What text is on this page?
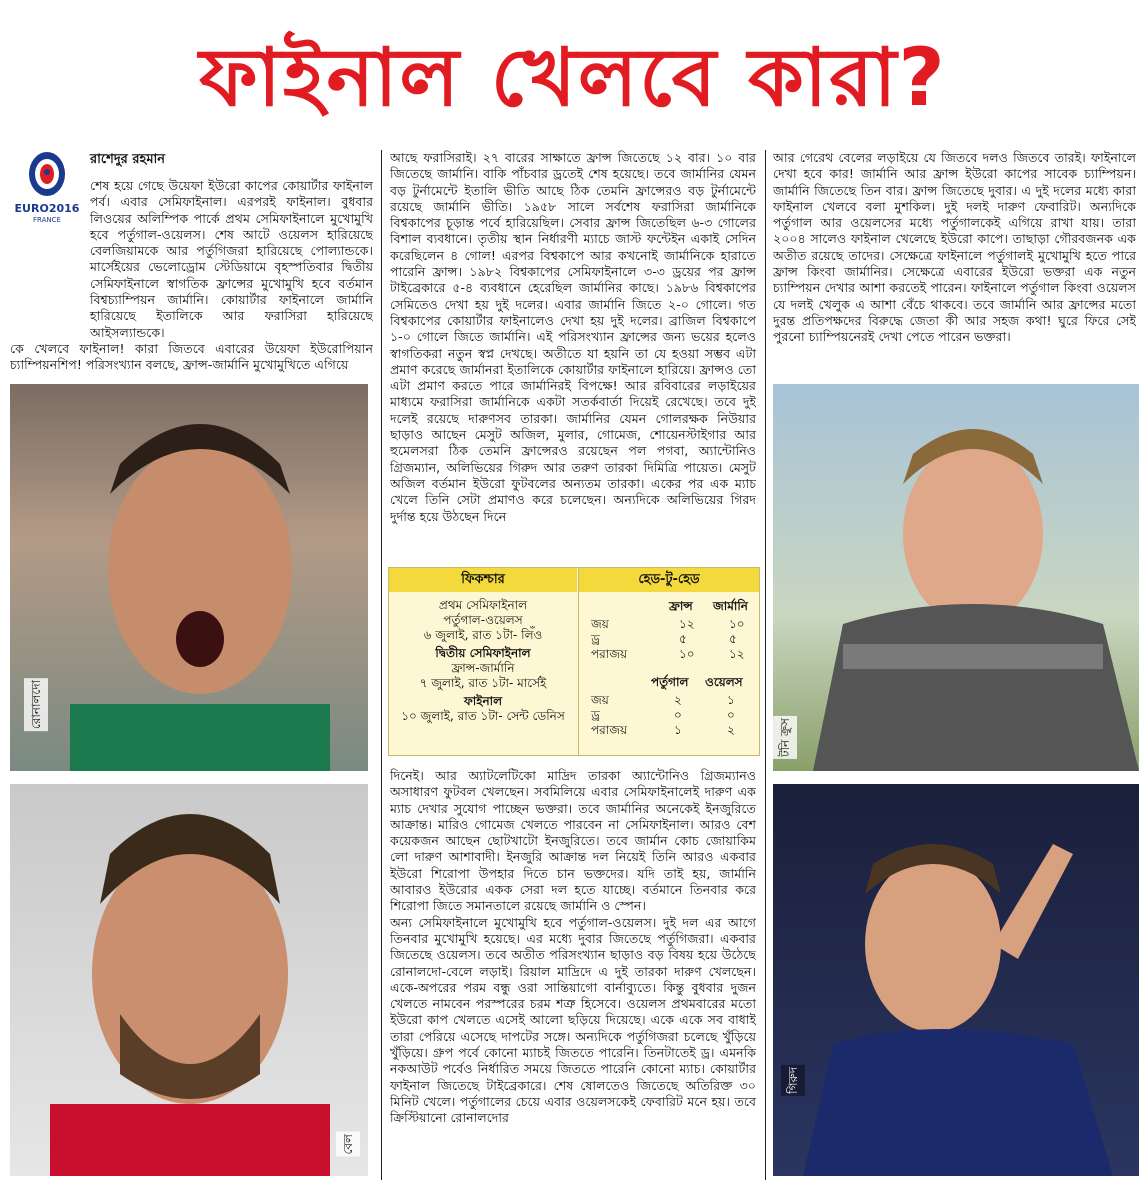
ফাইনাল খেলবে কারা?
EURO2016
FRANCE
রাশেদুর রহমান

শেষ হয়ে গেছে উয়েফা ইউরো কাপের কোয়ার্টার ফাইনাল পর্ব। এবার সেমিফাইনাল। এরপরই ফাইনাল। বুধবার লিওয়ের অলিম্পিক পার্কে প্রথম সেমিফাইনালে মুখোমুখি হবে পর্তুগাল-ওয়েলস। শেষ আটে ওয়েলস হারিয়েছে বেলজিয়ামকে আর পর্তুগিজরা হারিয়েছে পোল্যান্ডকে। মার্সেইয়ের ভেলোড্রোম স্টেডিয়ামে বৃহস্পতিবার দ্বিতীয় সেমিফাইনালে স্বাগতিক ফ্রান্সের মুখোমুখি হবে বর্তমান বিশ্বচ্যাম্পিয়ন জার্মানি। কোয়ার্টার ফাইনালে জার্মানি হারিয়েছে ইতালিকে আর ফরাসিরা হারিয়েছে আইসল্যান্ডকে।

কে খেলবে ফাইনাল! কারা জিতবে এবারের উয়েফা ইউরোপিয়ান চ্যাম্পিয়নশিপ! পরিসংখ্যান বলছে, ফ্রান্স-জার্মানি মুখোমুখিতে এগিয়ে

আছে ফরাসিরাই। ২৭ বারের সাক্ষাতে ফ্রান্স জিতেছে ১২ বার। ১০ বার জিতেছে জার্মানি। বাকি পাঁচবার ড্রতেই শেষ হয়েছে। তবে জার্মানির যেমন বড় টুর্নামেন্টে ইতালি ভীতি আছে ঠিক তেমনি ফ্রান্সেরও বড় টুর্নামেন্টে রয়েছে জার্মানি ভীতি। ১৯৫৮ সালে সর্বশেষ ফরাসিরা জার্মানিকে বিশ্বকাপের চূড়ান্ত পর্বে হারিয়েছিল। সেবার ফ্রান্স জিতেছিল ৬-৩ গোলের বিশাল ব্যবধানে। তৃতীয় স্থান নির্ধারণী ম্যাচে জাস্ট ফন্টেইন একাই সেদিন করেছিলেন ৪ গোল! এরপর বিশ্বকাপে আর কখনোই জার্মানিকে হারাতে পারেনি ফ্রান্স। ১৯৮২ বিশ্বকাপের সেমিফাইনালে ৩-৩ ড্রয়ের পর ফ্রান্স টাইব্রেকারে ৫-৪ ব্যবধানে হেরেছিল জার্মানির কাছে। ১৯৮৬ বিশ্বকাপের সেমিতেও দেখা হয় দুই দলের। এবার জার্মানি জিতে ২-০ গোলে। গত বিশ্বকাপের কোয়ার্টার ফাইনালেও দেখা হয় দুই দলের। ব্রাজিল বিশ্বকাপে ১-০ গোলে জিতে জার্মানি। এই পরিসংখ্যান ফ্রান্সের জন্য ভয়ের হলেও স্বাগতিকরা নতুন স্বপ্ন দেখছে। অতীতে যা হয়নি তা যে হওয়া সম্ভব এটা প্রমাণ করেছে জার্মানরা ইতালিকে কোয়ার্টার ফাইনালে হারিয়ে। ফ্রান্সও তো এটা প্রমাণ করতে পারে জার্মানিরই বিপক্ষে! আর রবিবারের লড়াইয়ের মাধ্যমে ফরাসিরা জার্মানিকে একটা সতর্কবার্তা দিয়েই রেখেছে। তবে দুই দলেই রয়েছে দারুণসব তারকা। জার্মানির যেমন গোলরক্ষক নিউয়ার ছাড়াও আছেন মেসুট অজিল, মুলার, গোমেজ, শোয়েনস্টাইগার আর হুমেলসরা ঠিক তেমনি ফ্রান্সেরও রয়েছেন পল পগবা, অ্যান্টোনিও গ্রিজম্যান, অলিভিয়ের গিরুদ আর তরুণ তারকা দিমিত্রি পায়েত। মেসুট অজিল বর্তমান ইউরো ফুটবলের অন্যতম তারকা। একের পর এক ম্যাচ খেলে তিনি সেটা প্রমাণও করে চলেছেন। অন্যদিকে অলিভিয়ের গিরদ দুর্দান্ত হয়ে উঠছেন দিনে
ফিকশ্চার	হেড-টু-হেড
প্রথম সেমিফাইনাল
পর্তুগাল-ওয়েলস
৬ জুলাই, রাত ১টা- লিঁও
দ্বিতীয় সেমিফাইনাল
ফ্রান্স-জার্মানি
৭ জুলাই, রাত ১টা- মার্সেই
ফাইনাল
১০ জুলাই, রাত ১টা- সেন্ট ডেনিস
ফ্রান্স জার্মানি
জয়	১২	১০
ড্র	৫	৫
পরাজয়	১০	১২
পর্তুগাল ওয়েলস
জয়	২	১
ড্র	০	০
পরাজয়	১	২

দিনেই। আর অ্যাটলেটিকো মাদ্রিদ তারকা অ্যান্টোনিও গ্রিজম্যানও অসাধারণ ফুটবল খেলছেন। সবমিলিয়ে এবার সেমিফাইনালেই দারুণ এক ম্যাচ দেখার সুযোগ পাচ্ছেন ভক্তরা। তবে জার্মানির অনেকেই ইনজুরিতে আক্রান্ত। মারিও গোমেজ খেলতে পারবেন না সেমিফাইনাল। আরও বেশ কয়েকজন আছেন ছোটখাটো ইনজুরিতে। তবে জার্মান কোচ জোয়াকিম লো দারুণ আশাবাদী। ইনজুরি আক্রান্ত দল নিয়েই তিনি আরও একবার ইউরো শিরোপা উপহার দিতে চান ভক্তদের। যদি তাই হয়, জার্মানি আবারও ইউরোর একক সেরা দল হতে যাচ্ছে। বর্তমানে তিনবার করে শিরোপা জিতে সমানতালে রয়েছে জার্মানি ও স্পেন।

অন্য সেমিফাইনালে মুখোমুখি হবে পর্তুগাল-ওয়েলস। দুই দল এর আগে তিনবার মুখোমুখি হয়েছে। এর মধ্যে দুবার জিতেছে পর্তুগিজরা। একবার জিতেছে ওয়েলস। তবে অতীত পরিসংখ্যান ছাড়াও বড় বিষয় হয়ে উঠেছে রোনালদো-বেলে লড়াই। রিয়াল মাদ্রিদে এ দুই তারকা দারুণ খেলছেন। একে-অপরের পরম বন্ধু ওরা সান্তিয়াগো বার্নাব্যুতে। কিন্তু বুধবার দুজন খেলতে নামবেন পরস্পরের চরম শত্রু হিসেবে। ওয়েলস প্রথমবারের মতো ইউরো কাপ খেলতে এসেই আলো ছড়িয়ে দিয়েছে। একে একে সব বাধাই তারা পেরিয়ে এসেছে দাপটের সঙ্গে। অন্যদিকে পর্তুগিজরা চলেছে খুঁড়িয়ে খুঁড়িয়ে। গ্রুপ পর্বে কোনো ম্যাচই জিততে পারেনি। তিনটাতেই ড্র। এমনকি নকআউট পর্বেও নির্ধারিত সময়ে জিততে পারেনি কোনো ম্যাচ। কোয়ার্টার ফাইনাল জিতেছে টাইব্রেকারে। শেষ ষোলতেও জিতেছে অতিরিক্ত ৩০ মিনিট খেলে। পর্তুগালের চেয়ে এবার ওয়েলসকেই ফেবারিট মনে হয়। তবে ক্রিস্টিয়ানো রোনালদোর

আর গেরেথ বেলের লড়াইয়ে যে জিতবে দলও জিতবে তারই। ফাইনালে দেখা হবে কার! জার্মানি আর ফ্রান্স ইউরো কাপের সাবেক চ্যাম্পিয়ন। জার্মানি জিতেছে তিন বার। ফ্রান্স জিতেছে দুবার। এ দুই দলের মধ্যে কারা ফাইনাল খেলবে বলা মুশকিল। দুই দলই দারুণ ফেবারিট। অন্যদিকে পর্তুগাল আর ওয়েলসের মধ্যে পর্তুগালকেই এগিয়ে রাখা যায়। তারা ২০০৪ সালেও ফাইনাল খেলেছে ইউরো কাপে। তাছাড়া গৌরবজনক এক অতীত রয়েছে তাদের। সেক্ষেত্রে ফাইনালে পর্তুগালই মুখোমুখি হতে পারে ফ্রান্স কিংবা জার্মানির। সেক্ষেত্রে এবারের ইউরো ভক্তরা এক নতুন চ্যাম্পিয়ন দেখার আশা করতেই পারেন। ফাইনালে পর্তুগাল কিংবা ওয়েলস যে দলই খেলুক এ আশা বেঁচে থাকবে। তবে জার্মানি আর ফ্রান্সের মতো দুরন্ত প্রতিপক্ষদের বিরুদ্ধে জেতা কী আর সহজ কথা! ঘুরে ফিরে সেই পুরনো চ্যাম্পিয়নেরই দেখা পেতে পারেন ভক্তরা।
রোনালদো
বেল
টনি ক্রুস
গিরুদ
